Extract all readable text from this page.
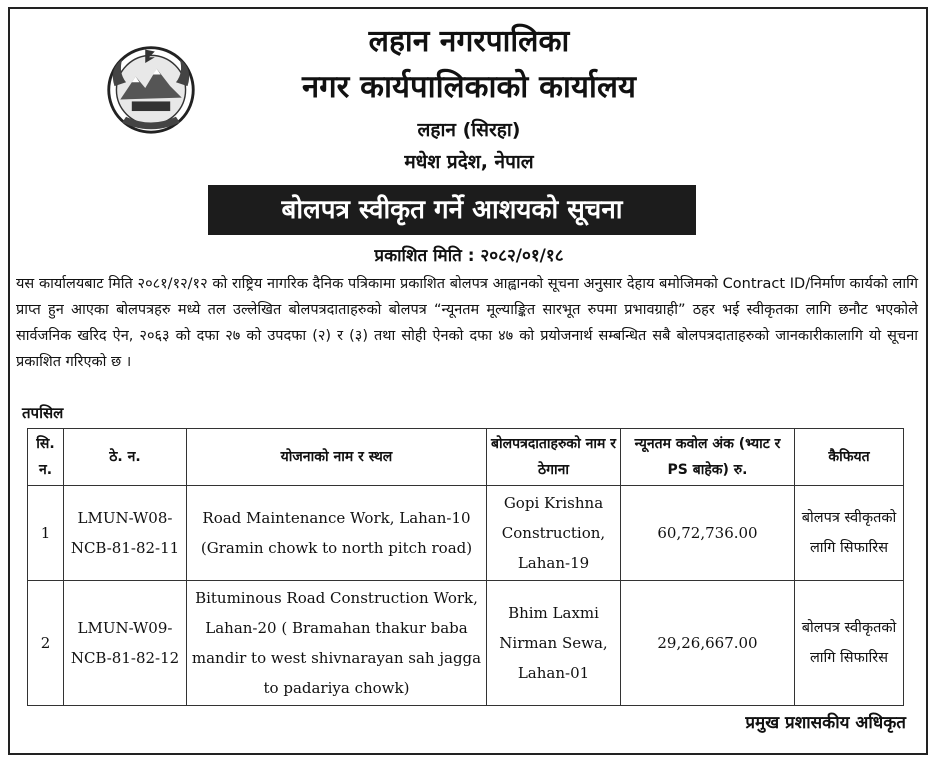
लहान नगरपालिका
नगर कार्यपालिकाको कार्यालय
लहान (सिरहा)
मधेश प्रदेश, नेपाल
बोलपत्र स्वीकृत गर्ने आशयको सूचना
प्रकाशित मिति : २०८२/०१/१८
यस कार्यालयबाट मिति २०८१/१२/१२ को राष्ट्रिय नागरिक दैनिक पत्रिकामा प्रकाशित बोलपत्र आह्वानको सूचना अनुसार देहाय बमोजिमको Contract ID/निर्माण कार्यको लागि प्राप्त हुन आएका बोलपत्रहरु मध्ये तल उल्लेखित बोलपत्रदाताहरुको बोलपत्र “न्यूनतम मूल्याङ्कित सारभूत रुपमा प्रभावग्राही” ठहर भई स्वीकृतका लागि छनौट भएकोले सार्वजनिक खरिद ऐन, २०६३ को दफा २७ को उपदफा (२) र (३) तथा सोही ऐनको दफा ४७ को प्रयोजनार्थ सम्बन्धित सबै बोलपत्रदाताहरुको जानकारीकालागि यो सूचना प्रकाशित गरिएको छ ।
तपसिल
सि. न.	ठे. न.	योजनाको नाम र स्थल	बोलपत्रदाताहरुको नाम र ठेगाना	न्यूनतम कवोल अंक (भ्याट र PS बाहेक) रु.	कैफियत
1	LMUN-W08-NCB-81-82-11	Road Maintenance Work, Lahan-10 (Gramin chowk to north pitch road)	Gopi Krishna Construction, Lahan-19	60,72,736.00	बोलपत्र स्वीकृतको लागि सिफारिस
2	LMUN-W09-NCB-81-82-12	Bituminous Road Construction Work, Lahan-20 ( Bramahan thakur baba mandir to west shivnarayan sah jagga to padariya chowk)	Bhim Laxmi Nirman Sewa, Lahan-01	29,26,667.00	बोलपत्र स्वीकृतको लागि सिफारिस
प्रमुख प्रशासकीय अधिकृत
